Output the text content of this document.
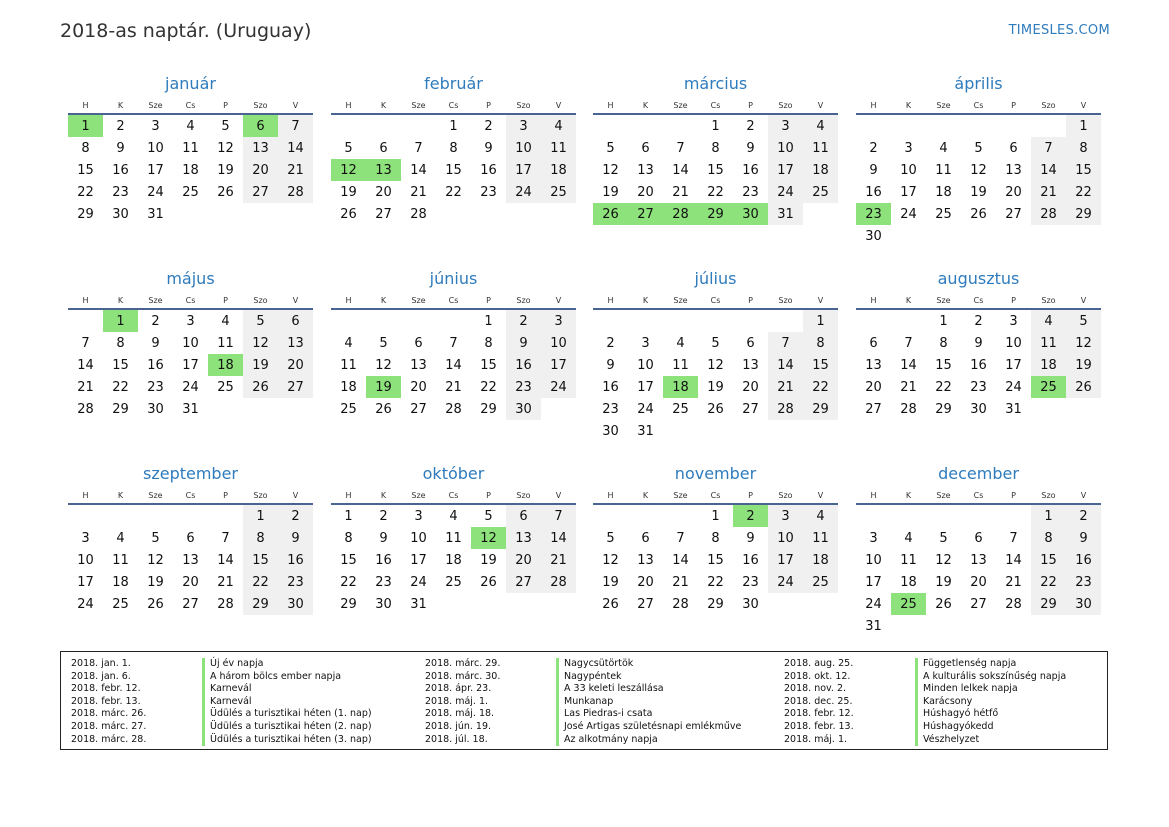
2018-as naptár. (Uruguay)	TIMESLES.COM
január
H	K	Sze	Cs	P	Szo	V
1	2	3	4	5	6	7
8	9	10	11	12	13	14
15	16	17	18	19	20	21
22	23	24	25	26	27	28
29	30	31				
február
H	K	Sze	Cs	P	Szo	V
			1	2	3	4
5	6	7	8	9	10	11
12	13	14	15	16	17	18
19	20	21	22	23	24	25
26	27	28				
március
H	K	Sze	Cs	P	Szo	V
			1	2	3	4
5	6	7	8	9	10	11
12	13	14	15	16	17	18
19	20	21	22	23	24	25
26	27	28	29	30	31	
április
H	K	Sze	Cs	P	Szo	V
						1
2	3	4	5	6	7	8
9	10	11	12	13	14	15
16	17	18	19	20	21	22
23	24	25	26	27	28	29
30						
május
H	K	Sze	Cs	P	Szo	V
	1	2	3	4	5	6
7	8	9	10	11	12	13
14	15	16	17	18	19	20
21	22	23	24	25	26	27
28	29	30	31			
június
H	K	Sze	Cs	P	Szo	V
				1	2	3
4	5	6	7	8	9	10
11	12	13	14	15	16	17
18	19	20	21	22	23	24
25	26	27	28	29	30	
július
H	K	Sze	Cs	P	Szo	V
						1
2	3	4	5	6	7	8
9	10	11	12	13	14	15
16	17	18	19	20	21	22
23	24	25	26	27	28	29
30	31					
augusztus
H	K	Sze	Cs	P	Szo	V
		1	2	3	4	5
6	7	8	9	10	11	12
13	14	15	16	17	18	19
20	21	22	23	24	25	26
27	28	29	30	31		
szeptember
H	K	Sze	Cs	P	Szo	V
					1	2
3	4	5	6	7	8	9
10	11	12	13	14	15	16
17	18	19	20	21	22	23
24	25	26	27	28	29	30
október
H	K	Sze	Cs	P	Szo	V
1	2	3	4	5	6	7
8	9	10	11	12	13	14
15	16	17	18	19	20	21
22	23	24	25	26	27	28
29	30	31				
november
H	K	Sze	Cs	P	Szo	V
			1	2	3	4
5	6	7	8	9	10	11
12	13	14	15	16	17	18
19	20	21	22	23	24	25
26	27	28	29	30		
december
H	K	Sze	Cs	P	Szo	V
					1	2
3	4	5	6	7	8	9
10	11	12	13	14	15	16
17	18	19	20	21	22	23
24	25	26	27	28	29	30
31						
2018. jan. 1.	Új év napja
2018. jan. 6.	A három bölcs ember napja
2018. febr. 12.	Karnevál
2018. febr. 13.	Karnevál
2018. márc. 26.	Üdülés a turisztikai héten (1. nap)
2018. márc. 27.	Üdülés a turisztikai héten (2. nap)
2018. márc. 28.	Üdülés a turisztikai héten (3. nap)
2018. márc. 29.	Nagycsütörtök
2018. márc. 30.	Nagypéntek
2018. ápr. 23.	A 33 keleti leszállása
2018. máj. 1.	Munkanap
2018. máj. 18.	Las Piedras-i csata
2018. jún. 19.	José Artigas születésnapi emlékműve
2018. júl. 18.	Az alkotmány napja
2018. aug. 25.	Függetlenség napja
2018. okt. 12.	A kulturális sokszínűség napja
2018. nov. 2.	Minden lelkek napja
2018. dec. 25.	Karácsony
2018. febr. 12.	Húshagyó hétfő
2018. febr. 13.	Húshagyókedd
2018. máj. 1.	Vészhelyzet
